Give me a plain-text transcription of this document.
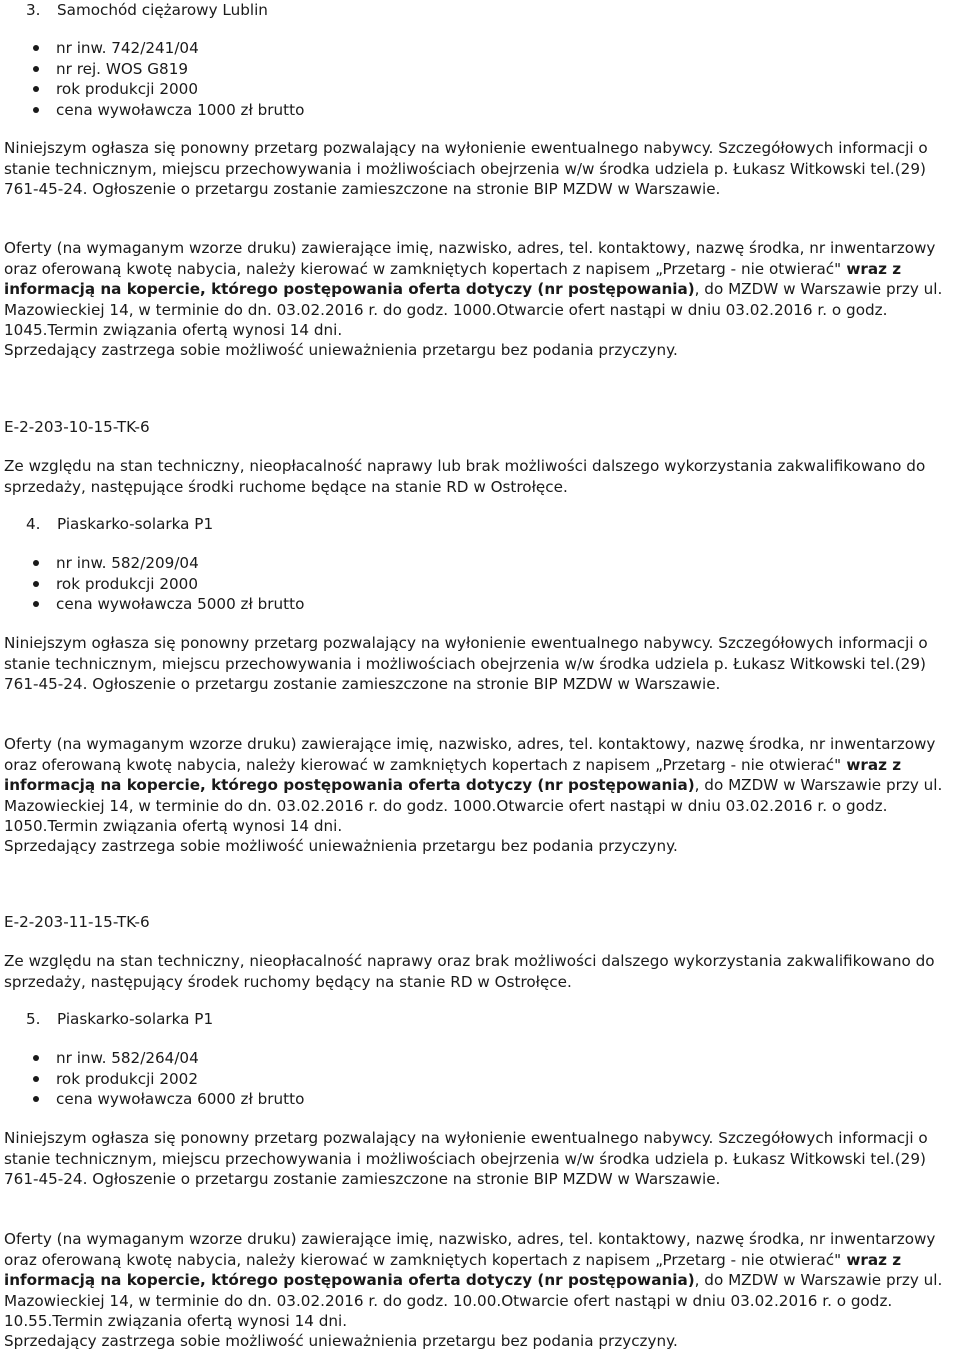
3. Samochód ciężarowy Lublin
nr inw. 742/241/04
nr rej. WOS G819
rok produkcji 2000
cena wywoławcza 1000 zł brutto

Niniejszym ogłasza się ponowny przetarg pozwalający na wyłonienie ewentualnego nabywcy. Szczegółowych informacji o stanie technicznym, miejscu przechowywania i możliwościach obejrzenia w/w środka udziela p. Łukasz Witkowski tel.(29) 761-45-24. Ogłoszenie o przetargu zostanie zamieszczone na stronie BIP MZDW w Warszawie.

Oferty (na wymaganym wzorze druku) zawierające imię, nazwisko, adres, tel. kontaktowy, nazwę środka, nr inwentarzowy oraz oferowaną kwotę nabycia, należy kierować w zamkniętych kopertach z napisem „Przetarg - nie otwierać" wraz z informacją na kopercie, którego postępowania oferta dotyczy (nr postępowania), do MZDW w Warszawie przy ul. Mazowieckiej 14, w terminie do dn. 03.02.2016 r. do godz. 1000.Otwarcie ofert nastąpi w dniu 03.02.2016 r. o godz. 1045.Termin związania ofertą wynosi 14 dni.

Sprzedający zastrzega sobie możliwość unieważnienia przetargu bez podania przyczyny.

E-2-203-10-15-TK-6

Ze względu na stan techniczny, nieopłacalność naprawy lub brak możliwości dalszego wykorzystania zakwalifikowano do sprzedaży, następujące środki ruchome będące na stanie RD w Ostrołęce.

4. Piaskarko-solarka P1
nr inw. 582/209/04
rok produkcji 2000
cena wywoławcza 5000 zł brutto

Niniejszym ogłasza się ponowny przetarg pozwalający na wyłonienie ewentualnego nabywcy. Szczegółowych informacji o stanie technicznym, miejscu przechowywania i możliwościach obejrzenia w/w środka udziela p. Łukasz Witkowski tel.(29) 761-45-24. Ogłoszenie o przetargu zostanie zamieszczone na stronie BIP MZDW w Warszawie.

Oferty (na wymaganym wzorze druku) zawierające imię, nazwisko, adres, tel. kontaktowy, nazwę środka, nr inwentarzowy oraz oferowaną kwotę nabycia, należy kierować w zamkniętych kopertach z napisem „Przetarg - nie otwierać" wraz z informacją na kopercie, którego postępowania oferta dotyczy (nr postępowania), do MZDW w Warszawie przy ul. Mazowieckiej 14, w terminie do dn. 03.02.2016 r. do godz. 1000.Otwarcie ofert nastąpi w dniu 03.02.2016 r. o godz. 1050.Termin związania ofertą wynosi 14 dni.

Sprzedający zastrzega sobie możliwość unieważnienia przetargu bez podania przyczyny.

E-2-203-11-15-TK-6

Ze względu na stan techniczny, nieopłacalność naprawy oraz brak możliwości dalszego wykorzystania zakwalifikowano do sprzedaży, następujący środek ruchomy będący na stanie RD w Ostrołęce.

5. Piaskarko-solarka P1
nr inw. 582/264/04
rok produkcji 2002
cena wywoławcza 6000 zł brutto

Niniejszym ogłasza się ponowny przetarg pozwalający na wyłonienie ewentualnego nabywcy. Szczegółowych informacji o stanie technicznym, miejscu przechowywania i możliwościach obejrzenia w/w środka udziela p. Łukasz Witkowski tel.(29) 761-45-24. Ogłoszenie o przetargu zostanie zamieszczone na stronie BIP MZDW w Warszawie.

Oferty (na wymaganym wzorze druku) zawierające imię, nazwisko, adres, tel. kontaktowy, nazwę środka, nr inwentarzowy oraz oferowaną kwotę nabycia, należy kierować w zamkniętych kopertach z napisem „Przetarg - nie otwierać" wraz z informacją na kopercie, którego postępowania oferta dotyczy (nr postępowania), do MZDW w Warszawie przy ul. Mazowieckiej 14, w terminie do dn. 03.02.2016 r. do godz. 10.00.Otwarcie ofert nastąpi w dniu 03.02.2016 r. o godz. 10.55.Termin związania ofertą wynosi 14 dni.

Sprzedający zastrzega sobie możliwość unieważnienia przetargu bez podania przyczyny.
